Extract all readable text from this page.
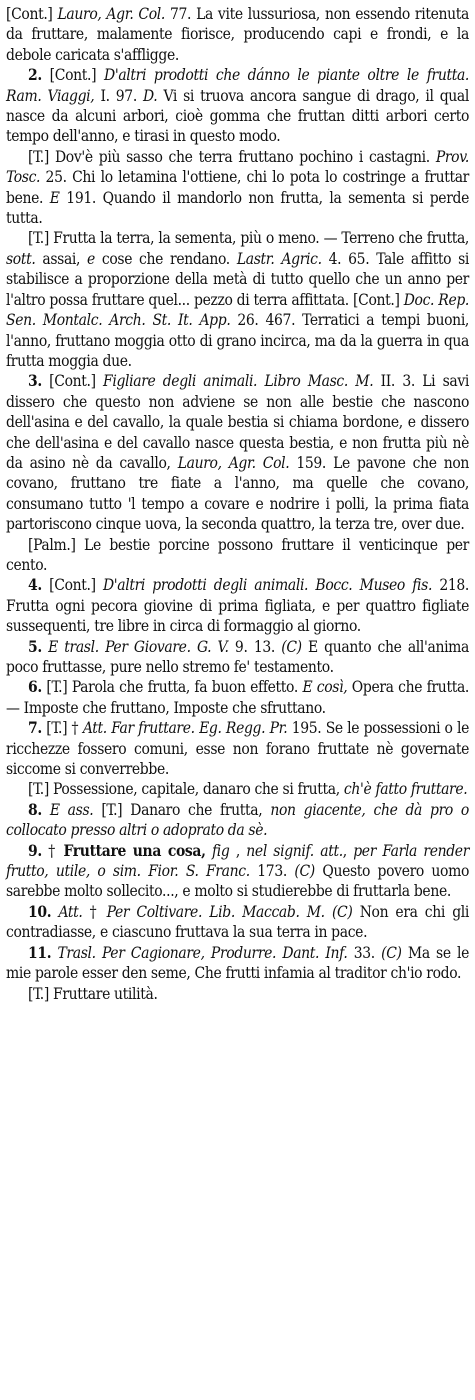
[Cont.] Lauro, Agr. Col. 77. La vite lussuriosa, non essendo ritenuta da fruttare, malamente fiorisce, producendo capi e frondi, e la debole caricata s'affligge.

2. [Cont.] D'altri prodotti che dánno le piante oltre le frutta. Ram. Viaggi, I. 97. D. Vi si truova ancora sangue di drago, il qual nasce da alcuni arbori, cioè gomma che fruttan ditti arbori certo tempo dell'anno, e tirasi in questo modo.

[T.] Dov'è più sasso che terra fruttano pochino i castagni. Prov. Tosc. 25. Chi lo letamina l'ottiene, chi lo pota lo costringe a fruttar bene. E 191. Quando il mandorlo non frutta, la sementa si perde tutta.

[T.] Frutta la terra, la sementa, più o meno. — Terreno che frutta, sott. assai, e cose che rendano. Lastr. Agric. 4. 65. Tale affitto si stabilisce a proporzione della metà di tutto quello che un anno per l'altro possa fruttare quel... pezzo di terra affittata. [Cont.] Doc. Rep. Sen. Montalc. Arch. St. It. App. 26. 467. Terratici a tempi buoni, l'anno, fruttano moggia otto di grano incirca, ma da la guerra in qua frutta moggia due.

3. [Cont.] Figliare degli animali. Libro Masc. M. II. 3. Li savi dissero che questo non adviene se non alle bestie che nascono dell'asina e del cavallo, la quale bestia si chiama bordone, e dissero che dell'asina e del cavallo nasce questa bestia, e non frutta più nè da asino nè da cavallo, Lauro, Agr. Col. 159. Le pavone che non covano, fruttano tre fiate a l'anno, ma quelle che covano, consumano tutto 'l tempo a covare e nodrire i polli, la prima fiata partoriscono cinque uova, la seconda quattro, la terza tre, over due.

[Palm.] Le bestie porcine possono fruttare il venticinque per cento.

4. [Cont.] D'altri prodotti degli animali. Bocc. Museo fis. 218. Frutta ogni pecora giovine di prima figliata, e per quattro figliate sussequenti, tre libre in circa di formaggio al giorno.

5. E trasl. Per Giovare. G. V. 9. 13. (C) E quanto che all'anima poco fruttasse, pure nello stremo fe' testamento.

6. [T.] Parola che frutta, fa buon effetto. E così, Opera che frutta. — Imposte che fruttano, Imposte che sfruttano.

7. [T.] † Att. Far fruttare. Eg. Regg. Pr. 195. Se le possessioni o le ricchezze fossero comuni, esse non forano fruttate nè governate siccome si converrebbe.

[T.] Possessione, capitale, danaro che si frutta, ch'è fatto fruttare.

8. E ass. [T.] Danaro che frutta, non giacente, che dà pro o collocato presso altri o adoprato da sè.

9. † Fruttare una cosa, fig , nel signif. att., per Farla render frutto, utile, o sim. Fior. S. Franc. 173. (C) Questo povero uomo sarebbe molto sollecito..., e molto si studierebbe di fruttarla bene.

10. Att. † Per Coltivare. Lib. Maccab. M. (C) Non era chi gli contradiasse, e ciascuno fruttava la sua terra in pace.

11. Trasl. Per Cagionare, Produrre. Dant. Inf. 33. (C) Ma se le mie parole esser den seme, Che frutti infamia al traditor ch'io rodo.

[T.] Fruttare utilità.
